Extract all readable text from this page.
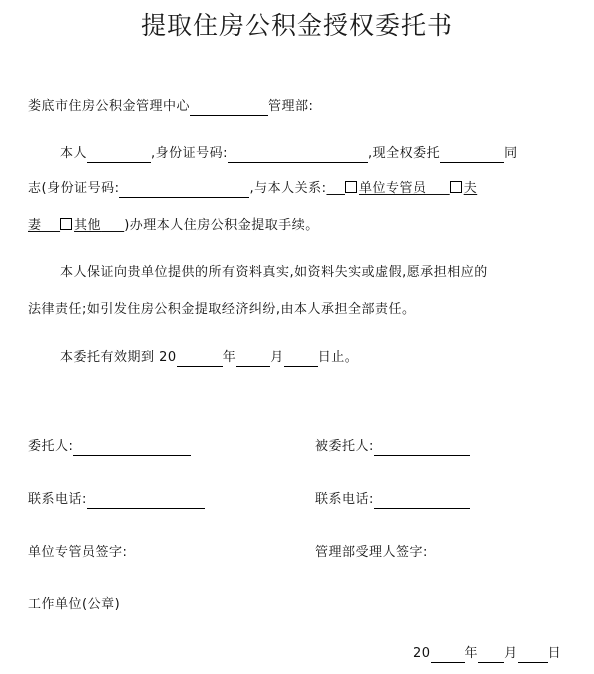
提取住房公积金授权委托书
娄底市住房公积金管理中心	管理部:
本人	,身份证号码:	,现全权委托	同
志(身份证号码:	,与本人关系:	单位专管员	夫
妻	其他 )办理本人住房公积金提取手续。
本人保证向贵单位提供的所有资料真实,如资料失实或虚假,愿承担相应的
法律责任;如引发住房公积金提取经济纠纷,由本人承担全部责任。
本委托有效期到 20	年	月	日止。
委托人:	被委托人:
联系电话:	联系电话:
单位专管员签字:	管理部受理人签字:
工作单位(公章)
20	年 月 日
